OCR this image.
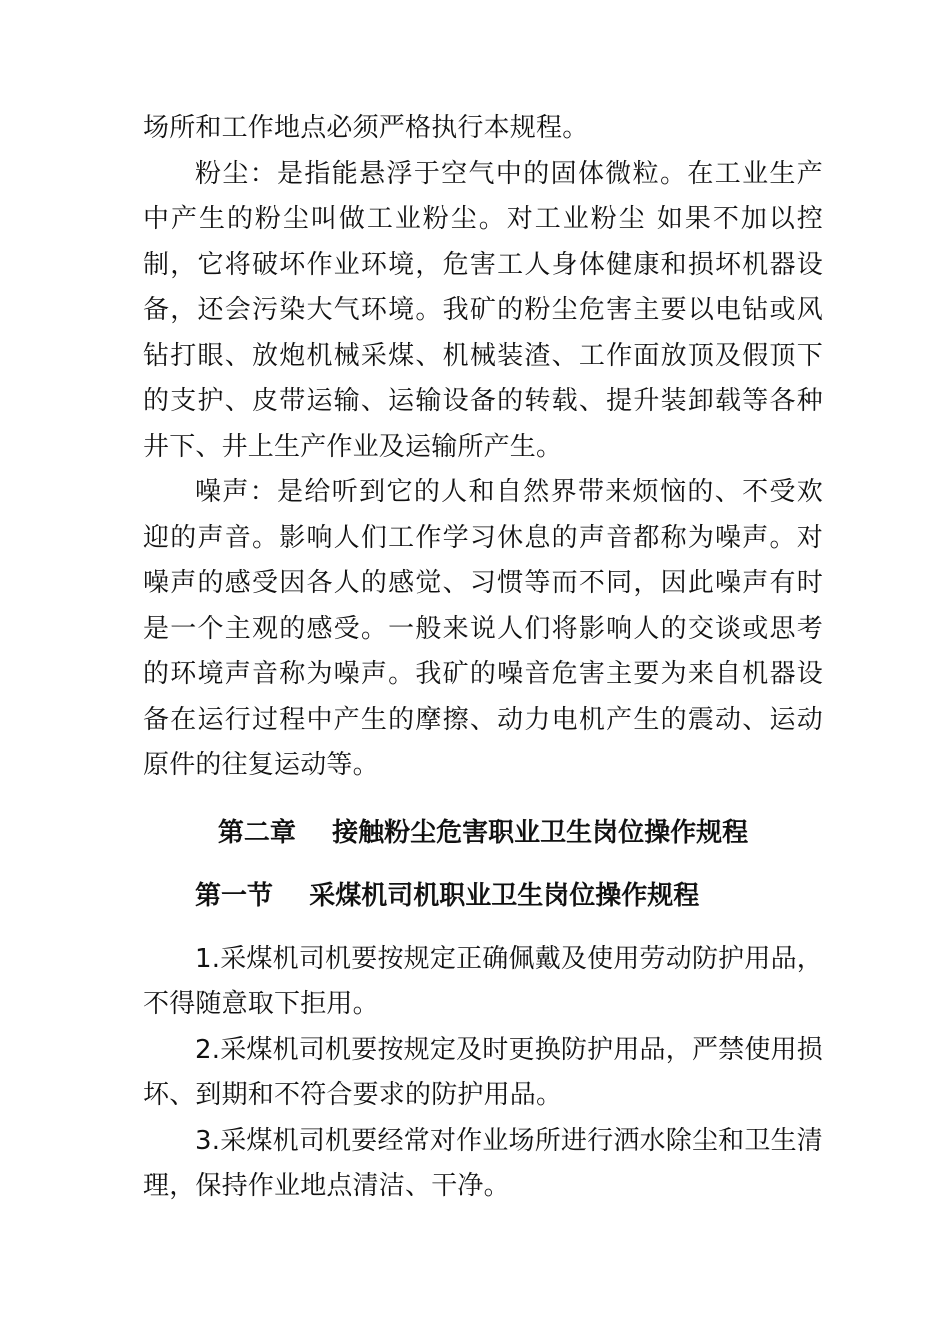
场所和工作地点必须严格执行本规程。

粉尘：是指能悬浮于空气中的固体微粒。在工业生产中产生的粉尘叫做工业粉尘。对工业粉尘 如果不加以控制，它将破坏作业环境，危害工人身体健康和损坏机器设备，还会污染大气环境。我矿的粉尘危害主要以电钻或风钻打眼、放炮机械采煤、机械装渣、工作面放顶及假顶下的支护、皮带运输、运输设备的转载、提升装卸载等各种井下、井上生产作业及运输所产生。

噪声：是给听到它的人和自然界带来烦恼的、不受欢迎的声音。影响人们工作学习休息的声音都称为噪声。对噪声的感受因各人的感觉、习惯等而不同，因此噪声有时是一个主观的感受。一般来说人们将影响人的交谈或思考的环境声音称为噪声。我矿的噪音危害主要为来自机器设备在运行过程中产生的摩擦、动力电机产生的震动、运动原件的往复运动等。

第二章    接触粉尘危害职业卫生岗位操作规程
第一节    采煤机司机职业卫生岗位操作规程

1.采煤机司机要按规定正确佩戴及使用劳动防护用品，不得随意取下拒用。

2.采煤机司机要按规定及时更换防护用品，严禁使用损坏、到期和不符合要求的防护用品。

3.采煤机司机要经常对作业场所进行洒水除尘和卫生清理，保持作业地点清洁、干净。
